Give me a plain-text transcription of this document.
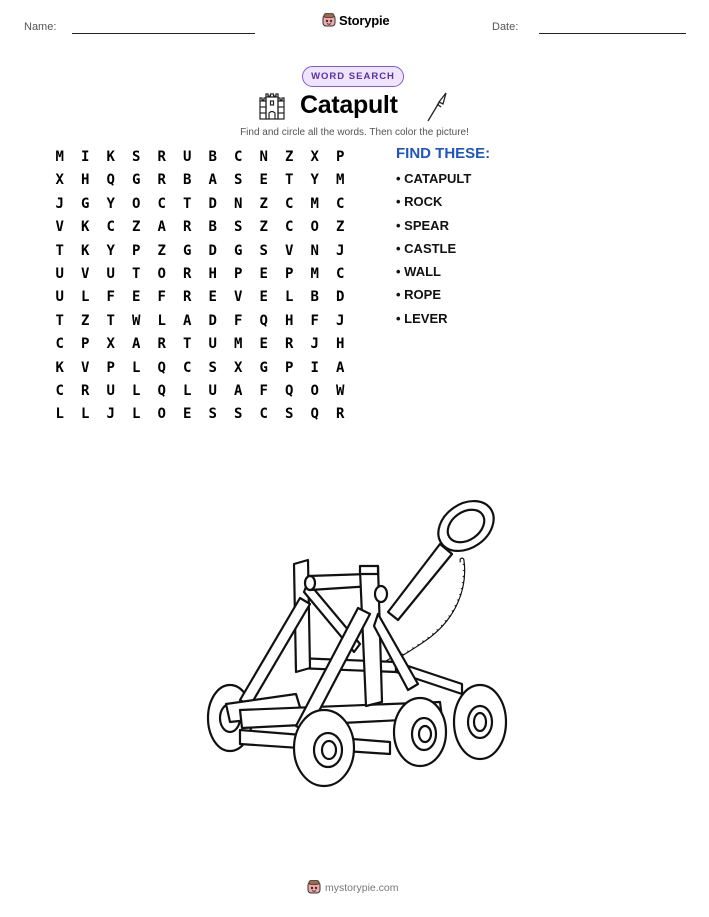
Name:	Storypie	Date:
WORD SEARCH
Catapult
Find and circle all the words. Then color the picture!
M	I	K	S	R	U	B	C	N	Z	X	P
X	H	Q	G	R	B	A	S	E	T	Y	M
J	G	Y	O	C	T	D	N	Z	C	M	C
V	K	C	Z	A	R	B	S	Z	C	O	Z
T	K	Y	P	Z	G	D	G	S	V	N	J
U	V	U	T	O	R	H	P	E	P	M	C
U	L	F	E	F	R	E	V	E	L	B	D
T	Z	T	W	L	A	D	F	Q	H	F	J
C	P	X	A	R	T	U	M	E	R	J	H
K	V	P	L	Q	C	S	X	G	P	I	A
C	R	U	L	Q	L	U	A	F	Q	O	W
L	L	J	L	O	E	S	S	C	S	Q	R
FIND THESE:
• CATAPULT
• ROCK
• SPEAR
• CASTLE
• WALL
• ROPE
• LEVER
mystorypie.com
